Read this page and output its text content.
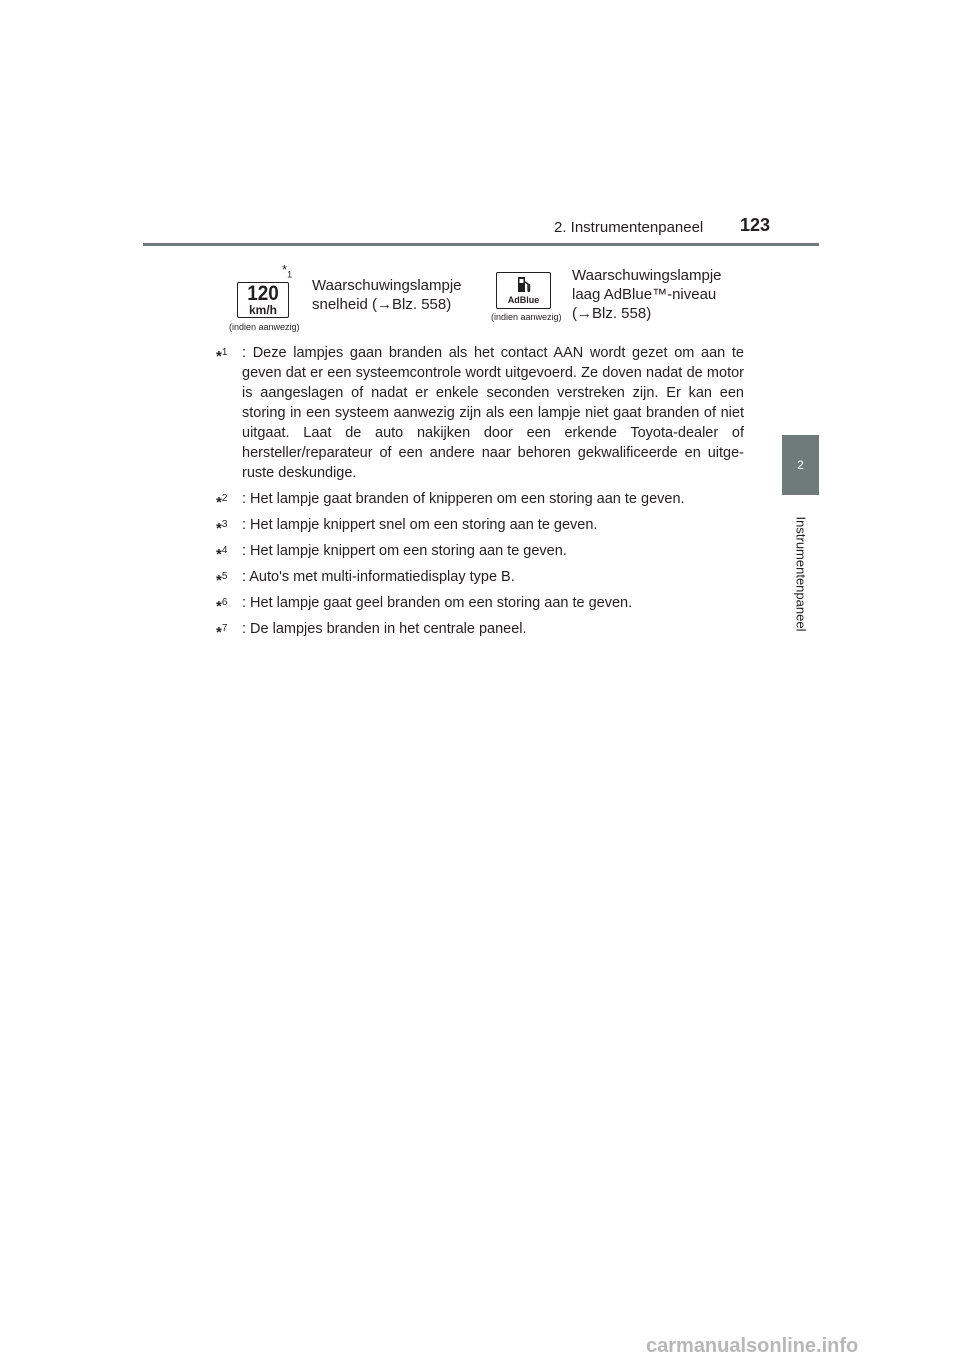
2. Instrumentenpaneel 123
2
Instrumentenpaneel
120
km/h
$*_1$
(indien aanwezig)
Waarschuwingslampje
snelheid (→Blz. 558)	AdBlue
(indien aanwezig)
Waarschuwingslampje
laag AdBlue™-niveau
(→Blz. 558)
*$^1$	: Deze lampjes gaan branden als het contact AAN wordt gezet om aan te geven dat er een systeemcontrole wordt uitgevoerd. Ze doven nadat de motor is aangeslagen of nadat er enkele seconden verstreken zijn. Er kan een storing in een systeem aanwezig zijn als een lampje niet gaat branden of niet uitgaat. Laat de auto nakijken door een erkende Toyota-dealer of hersteller/reparateur of een andere naar behoren gekwalificeerde en uitge-ruste deskundige.
*$^2$	: Het lampje gaat branden of knipperen om een storing aan te geven.
*$^3$	: Het lampje knippert snel om een storing aan te geven.
*$^4$	: Het lampje knippert om een storing aan te geven.
*$^5$	: Auto's met multi-informatiedisplay type B.
*$^6$	: Het lampje gaat geel branden om een storing aan te geven.
*$^7$	: De lampjes branden in het centrale paneel.
carmanualsonline.info
